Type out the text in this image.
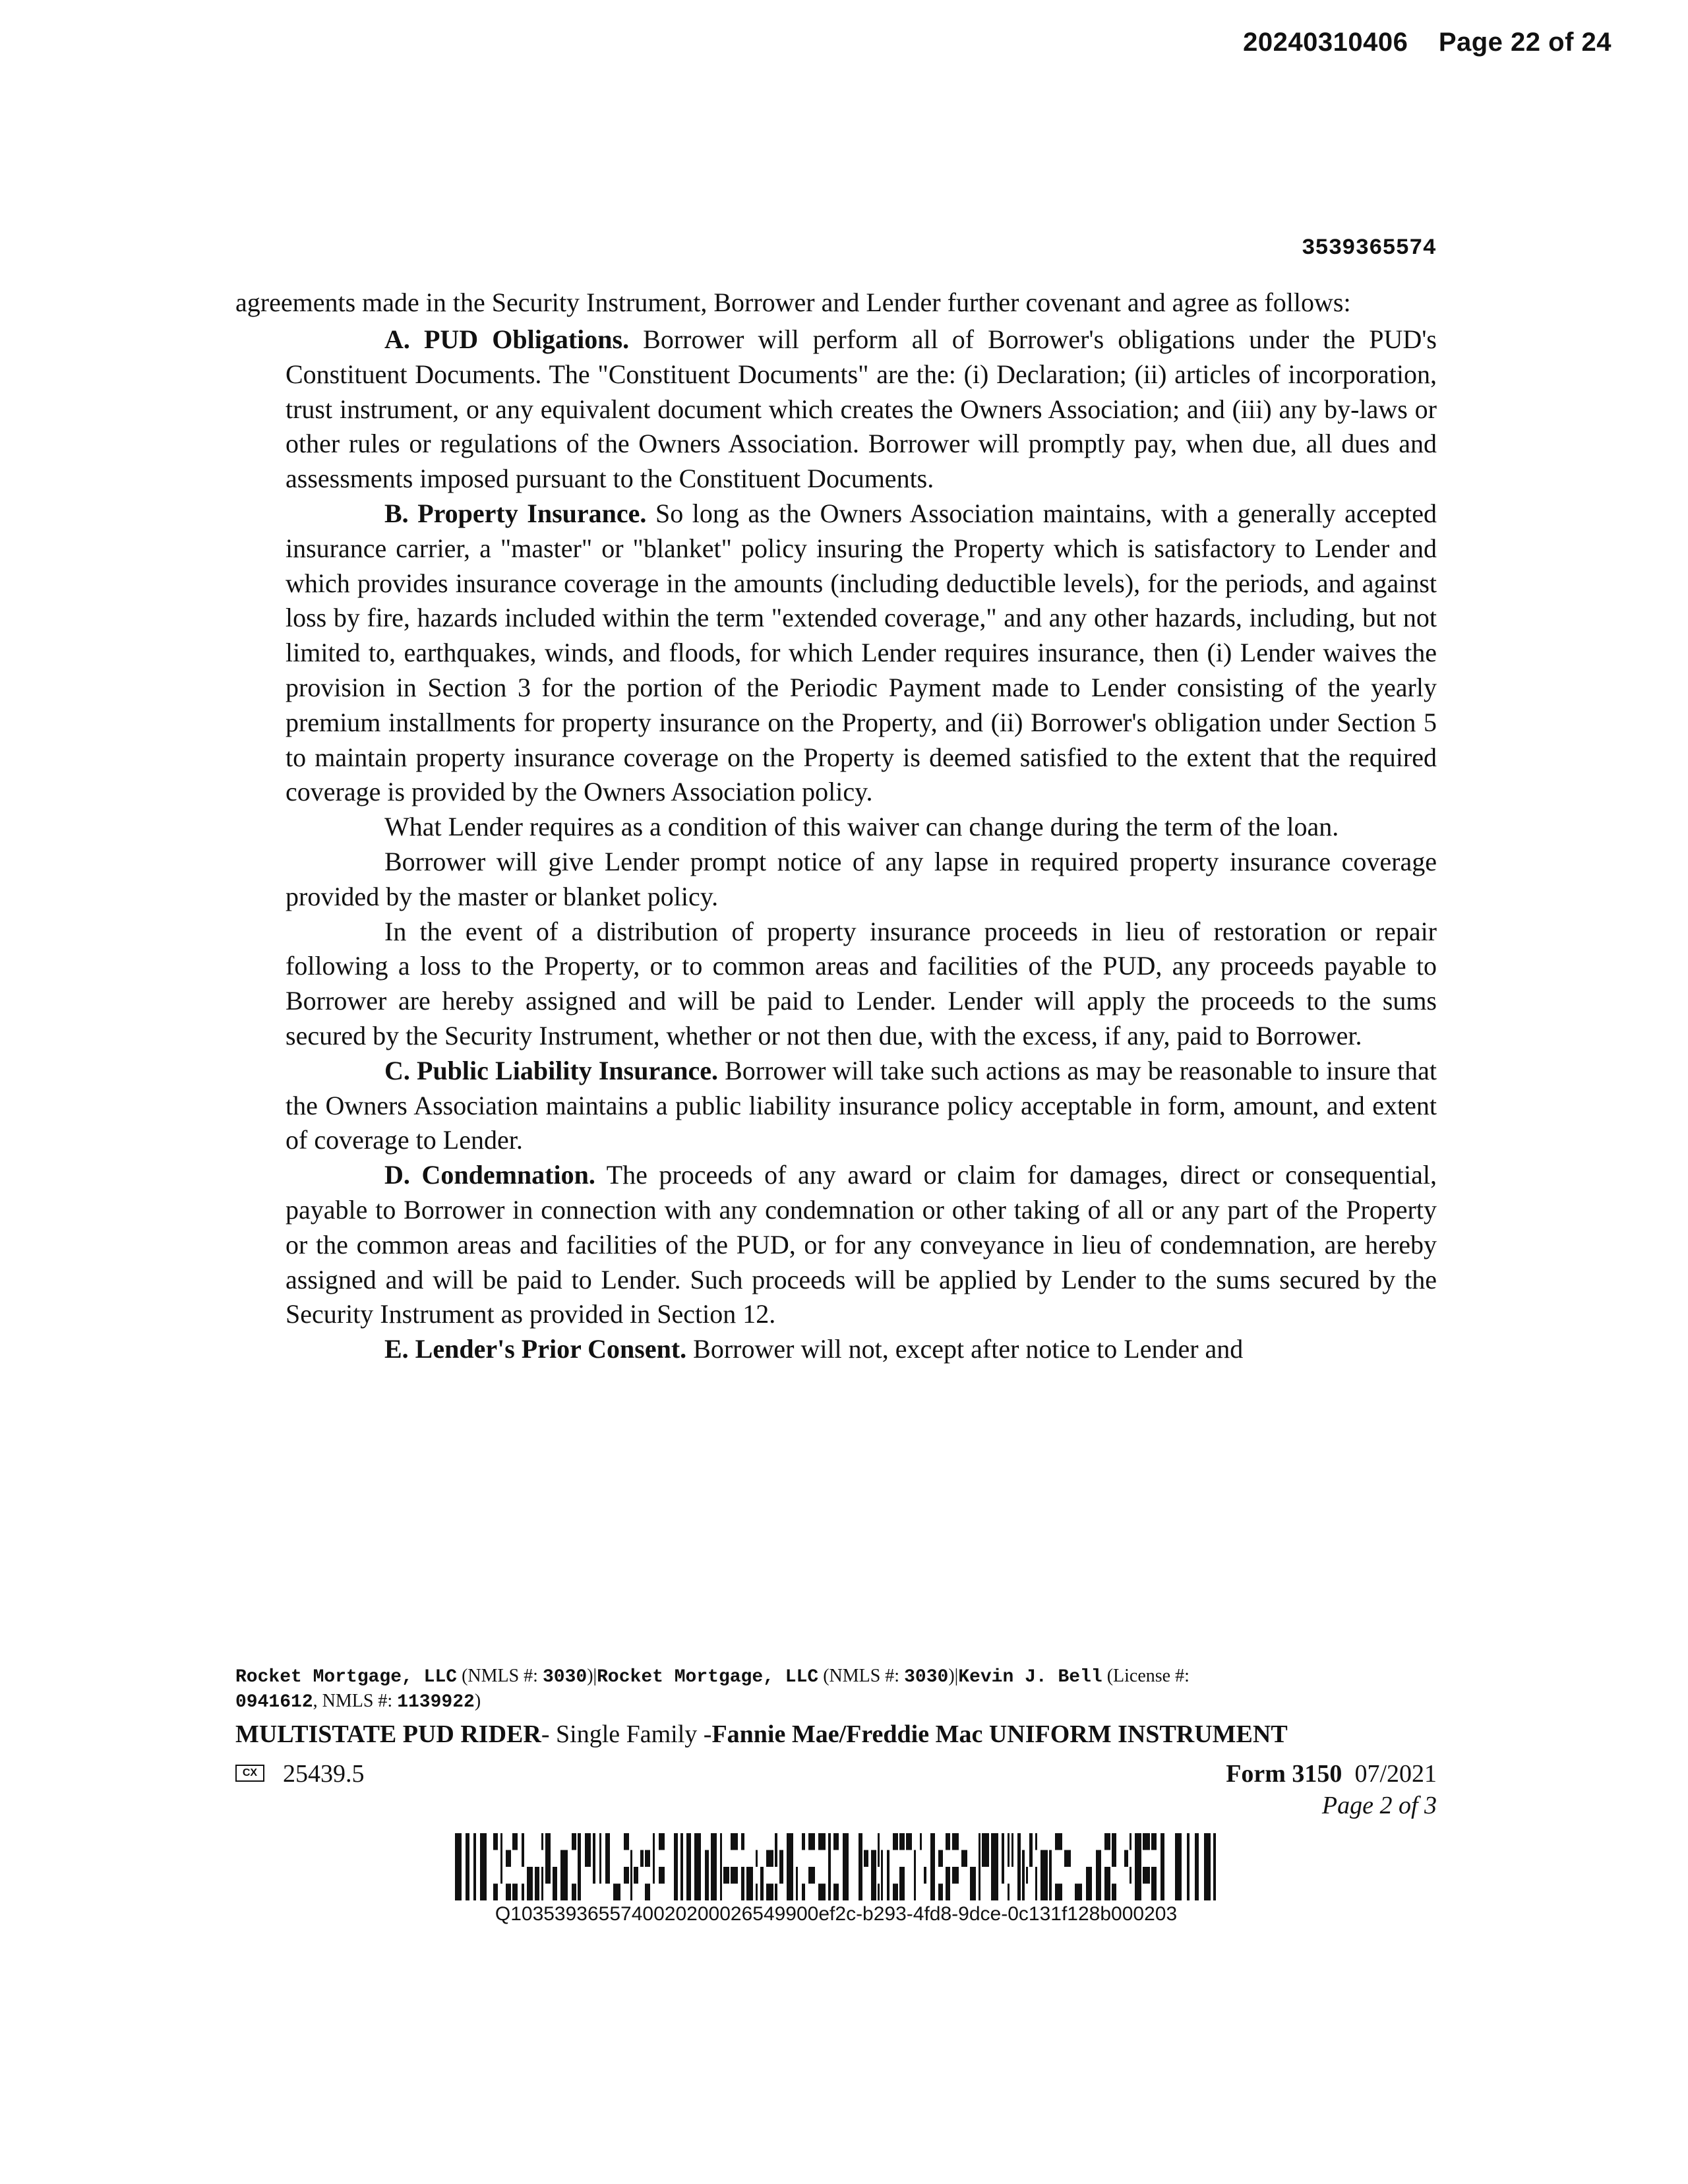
20240310406 Page 22 of 24
3539365574

agreements made in the Security Instrument, Borrower and Lender further covenant and agree as follows:

A. PUD Obligations. Borrower will perform all of Borrower's obligations under the PUD's Constituent Documents. The "Constituent Documents" are the: (i) Declaration; (ii) articles of incorporation, trust instrument, or any equivalent document which creates the Owners Association; and (iii) any by-laws or other rules or regulations of the Owners Association. Borrower will promptly pay, when due, all dues and assessments imposed pursuant to the Constituent Documents.

B. Property Insurance. So long as the Owners Association maintains, with a generally accepted insurance carrier, a "master" or "blanket" policy insuring the Property which is satisfactory to Lender and which provides insurance coverage in the amounts (including deductible levels), for the periods, and against loss by fire, hazards included within the term "extended coverage," and any other hazards, including, but not limited to, earthquakes, winds, and floods, for which Lender requires insurance, then (i) Lender waives the provision in Section 3 for the portion of the Periodic Payment made to Lender consisting of the yearly premium installments for property insurance on the Property, and (ii) Borrower's obligation under Section 5 to maintain property insurance coverage on the Property is deemed satisfied to the extent that the required coverage is provided by the Owners Association policy.

What Lender requires as a condition of this waiver can change during the term of the loan.

Borrower will give Lender prompt notice of any lapse in required property insurance coverage provided by the master or blanket policy.

In the event of a distribution of property insurance proceeds in lieu of restoration or repair following a loss to the Property, or to common areas and facilities of the PUD, any proceeds payable to Borrower are hereby assigned and will be paid to Lender. Lender will apply the proceeds to the sums secured by the Security Instrument, whether or not then due, with the excess, if any, paid to Borrower.

C. Public Liability Insurance. Borrower will take such actions as may be reasonable to insure that the Owners Association maintains a public liability insurance policy acceptable in form, amount, and extent of coverage to Lender.

D. Condemnation. The proceeds of any award or claim for damages, direct or consequential, payable to Borrower in connection with any condemnation or other taking of all or any part of the Property or the common areas and facilities of the PUD, or for any conveyance in lieu of condemnation, are hereby assigned and will be paid to Lender. Such proceeds will be applied by Lender to the sums secured by the Security Instrument as provided in Section 12.

E. Lender's Prior Consent. Borrower will not, except after notice to Lender and

Rocket Mortgage, LLC (NMLS #: 3030)|Rocket Mortgage, LLC (NMLS #: 3030)|Kevin J. Bell (License #:
0941612, NMLS #: 1139922)
MULTISTATE PUD RIDER- Single Family -Fannie Mae/Freddie Mac UNIFORM INSTRUMENT
CX 25439.5	Form 3150 07/2021
Page 2 of 3
Q1035393655740020200026549900ef2c-b293-4fd8-9dce-0c131f128b000203
